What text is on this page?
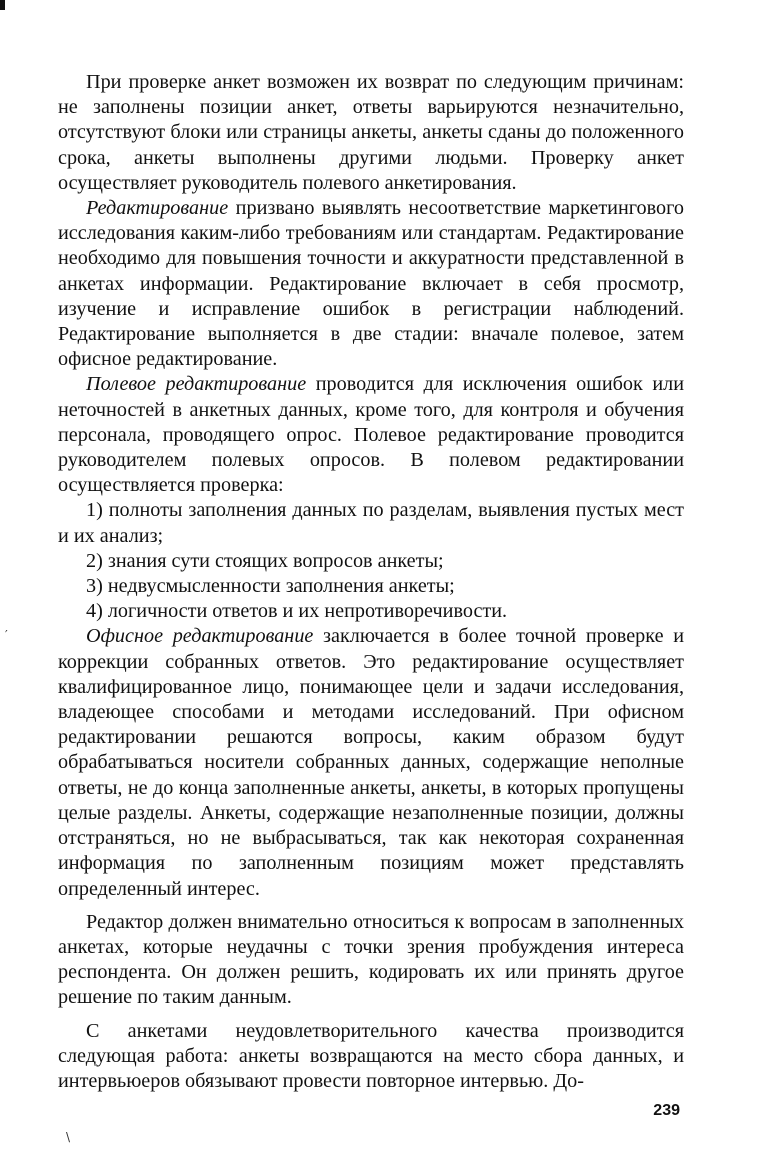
′
\

При проверке анкет возможен их возврат по следующим причинам: не заполнены позиции анкет, ответы варьируются незначительно, отсутствуют блоки или страницы анкеты, анкеты сданы до положенного срока, анкеты выполнены другими людьми. Проверку анкет осуществляет руководитель полевого анкетирования.

Редактирование призвано выявлять несоответствие маркетингового исследования каким-либо требованиям или стандартам. Редактирование необходимо для повышения точности и аккуратности представленной в анкетах информации. Редактирование включает в себя просмотр, изучение и исправление ошибок в регистрации наблюдений. Редактирование выполняется в две стадии: вначале полевое, затем офисное редактирование.

Полевое редактирование проводится для исключения ошибок или неточностей в анкетных данных, кроме того, для контроля и обучения персонала, проводящего опрос. Полевое редактирование проводится руководителем полевых опросов. В полевом редактировании осуществляется проверка:

1) полноты заполнения данных по разделам, выявления пустых мест и их анализ;

2) знания сути стоящих вопросов анкеты;

3) недвусмысленности заполнения анкеты;

4) логичности ответов и их непротиворечивости.

Офисное редактирование заключается в более точной проверке и коррекции собранных ответов. Это редактирование осуществляет квалифицированное лицо, понимающее цели и задачи исследования, владеющее способами и методами исследований. При офисном редактировании решаются вопросы, каким образом будут обрабатываться носители собранных данных, содержащие неполные ответы, не до конца заполненные анкеты, анкеты, в которых пропущены целые разделы. Анкеты, содержащие незаполненные позиции, должны отстраняться, но не выбрасываться, так как некоторая сохраненная информация по заполненным позициям может представлять определенный интерес.

Редактор должен внимательно относиться к вопросам в заполненных анкетах, которые неудачны с точки зрения пробуждения интереса респондента. Он должен решить, кодировать их или принять другое решение по таким данным.

С анкетами неудовлетворительного качества производится следующая работа: анкеты возвращаются на место сбора данных, и интервьюеров обязывают провести повторное интервью. До-

239
